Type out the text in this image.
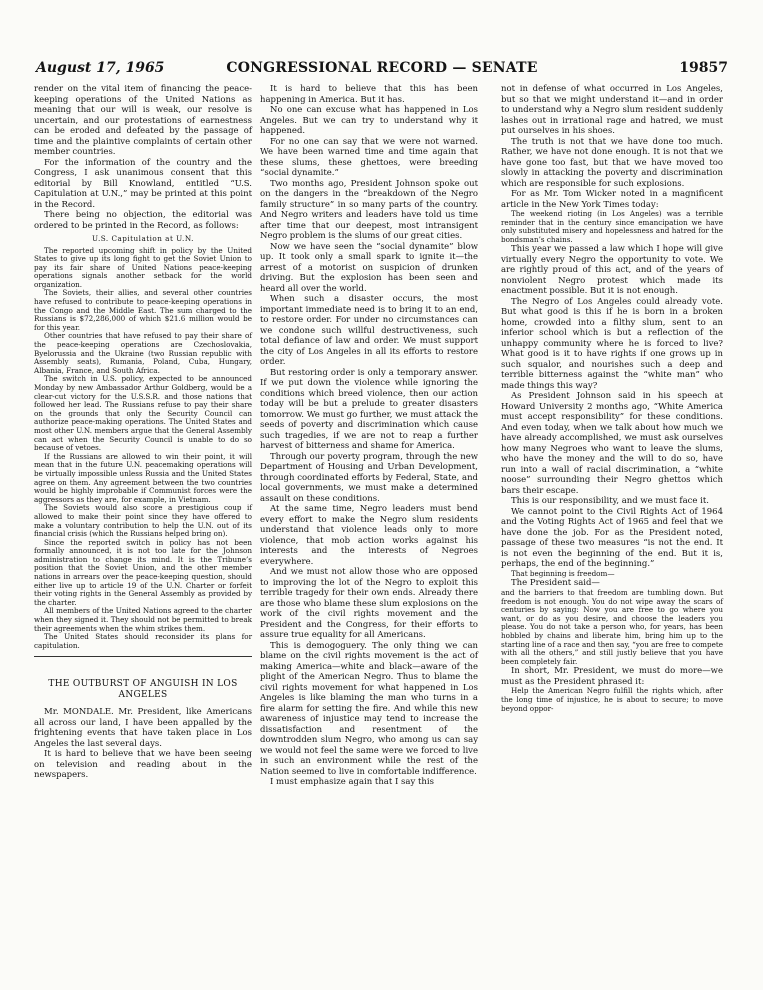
August 17, 1965	CONGRESSIONAL RECORD — SENATE	19857

render on the vital item of financing the peace-keeping operations of the United Nations as meaning that our will is weak, our resolve is uncertain, and our protestations of earnestness can be eroded and defeated by the passage of time and the plaintive complaints of certain other member countries.

For the information of the country and the Congress, I ask unanimous consent that this editorial by Bill Knowland, entitled “U.S. Capitulation at U.N.,” may be printed at this point in the Record.

There being no objection, the editorial was ordered to be printed in the Record, as follows:

U.S. Capitulation at U.N.

The reported upcoming shift in policy by the United States to give up its long fight to get the Soviet Union to pay its fair share of United Nations peace-keeping operations signals another setback for the world organization.

The Soviets, their allies, and several other countries have refused to contribute to peace-keeping operations in the Congo and the Middle East. The sum charged to the Russians is $72,286,000 of which $21.6 million would be for this year.

Other countries that have refused to pay their share of the peace-keeping operations are Czechoslovakia, Byelorussia and the Ukraine (two Russian republic with Assembly seats), Rumania, Poland, Cuba, Hungary, Albania, France, and South Africa.

The switch in U.S. policy, expected to be announced Monday by new Ambassador Arthur Goldberg, would be a clear-cut victory for the U.S.S.R. and those nations that followed her lead. The Russians refuse to pay their share on the grounds that only the Security Council can authorize peace-making operations. The United States and most other U.N. members argue that the General Assembly can act when the Security Council is unable to do so because of vetoes.

If the Russians are allowed to win their point, it will mean that in the future U.N. peacemaking operations will be virtually impossible unless Russia and the United States agree on them. Any agreement between the two countries would be highly improbable if Communist forces were the aggressors as they are, for example, in Vietnam.

The Soviets would also score a prestigious coup if allowed to make their point since they have offered to make a voluntary contribution to help the U.N. out of its financial crisis (which the Russians helped bring on).

Since the reported switch in policy has not been formally announced, it is not too late for the Johnson administration to change its mind. It is the Tribune’s position that the Soviet Union, and the other member nations in arrears over the peace-keeping question, should either live up to article 19 of the U.N. Charter or forfeit their voting rights in the General Assembly as provided by the charter.

All members of the United Nations agreed to the charter when they signed it. They should not be permitted to break their agreements when the whim strikes them.

The United States should reconsider its plans for capitulation.

THE OUTBURST OF ANGUISH IN LOS ANGELES

Mr. MONDALE. Mr. President, like Americans all across our land, I have been appalled by the frightening events that have taken place in Los Angeles the last several days.

It is hard to believe that we have been seeing on television and reading about in the newspapers.

It is hard to believe that this has been happening in America. But it has.

No one can excuse what has happened in Los Angeles. But we can try to understand why it happened.

For no one can say that we were not warned. We have been warned time and time again that these slums, these ghettoes, were breeding “social dynamite.”

Two months ago, President Johnson spoke out on the dangers in the “breakdown of the Negro family structure” in so many parts of the country. And Negro writers and leaders have told us time after time that our deepest, most intransigent Negro problem is the slums of our great cities.

Now we have seen the “social dynamite” blow up. It took only a small spark to ignite it—the arrest of a motorist on suspicion of drunken driving. But the explosion has been seen and heard all over the world.

When such a disaster occurs, the most important immediate need is to bring it to an end, to restore order. For under no circumstances can we condone such willful destructiveness, such total defiance of law and order. We must support the city of Los Angeles in all its efforts to restore order.

But restoring order is only a temporary answer. If we put down the violence while ignoring the conditions which breed violence, then our action today will be but a prelude to greater disasters tomorrow. We must go further, we must attack the seeds of poverty and discrimination which cause such tragedies, if we are not to reap a further harvest of bitterness and shame for America.

Through our poverty program, through the new Department of Housing and Urban Development, through coordinated efforts by Federal, State, and local governments, we must make a determined assault on these conditions.

At the same time, Negro leaders must bend every effort to make the Negro slum residents understand that violence leads only to more violence, that mob action works against his interests and the interests of Negroes everywhere.

And we must not allow those who are opposed to improving the lot of the Negro to exploit this terrible tragedy for their own ends. Already there are those who blame these slum explosions on the work of the civil rights movement and the President and the Congress, for their efforts to assure true equality for all Americans.

This is demogoguery. The only thing we can blame on the civil rights movement is the act of making America—white and black—aware of the plight of the American Negro. Thus to blame the civil rights movement for what happened in Los Angeles is like blaming the man who turns in a fire alarm for setting the fire. And while this new awareness of injustice may tend to increase the dissatisfaction and resentment of the downtrodden slum Negro, who among us can say we would not feel the same were we forced to live in such an environment while the rest of the Nation seemed to live in comfortable indifference.

I must emphasize again that I say this

not in defense of what occurred in Los Angeles, but so that we might understand it—and in order to understand why a Negro slum resident suddenly lashes out in irrational rage and hatred, we must put ourselves in his shoes.

The truth is not that we have done too much. Rather, we have not done enough. It is not that we have gone too fast, but that we have moved too slowly in attacking the poverty and discrimination which are responsible for such explosions.

For as Mr. Tom Wicker noted in a magnificent article in the New York Times today:

The weekend rioting (in Los Angeles) was a terrible reminder that in the century since emancipation we have only substituted misery and hopelessness and hatred for the bondsman’s chains.

This year we passed a law which I hope will give virtually every Negro the opportunity to vote. We are rightly proud of this act, and of the years of nonviolent Negro protest which made its enactment possible. But it is not enough.

The Negro of Los Angeles could already vote. But what good is this if he is born in a broken home, crowded into a filthy slum, sent to an inferior school which is but a reflection of the unhappy community where he is forced to live? What good is it to have rights if one grows up in such squalor, and nourishes such a deep and terrible bitterness against the “white man” who made things this way?

As President Johnson said in his speech at Howard University 2 months ago, “White America must accept responsibility” for these conditions. And even today, when we talk about how much we have already accomplished, we must ask ourselves how many Negroes who want to leave the slums, who have the money and the will to do so, have run into a wall of racial discrimination, a “white noose” surrounding their Negro ghettos which bars their escape.

This is our responsibility, and we must face it.

We cannot point to the Civil Rights Act of 1964 and the Voting Rights Act of 1965 and feel that we have done the job. For as the President noted, passage of these two measures “is not the end. It is not even the beginning of the end. But it is, perhaps, the end of the beginning.”

That beginning is freedom—

The President said—

and the barriers to that freedom are tumbling down. But freedom is not enough. You do not wipe away the scars of centuries by saying: Now you are free to go where you want, or do as you desire, and choose the leaders you please. You do not take a person who, for years, has been hobbled by chains and liberate him, bring him up to the starting line of a race and then say, “you are free to compete with all the others,” and still justly believe that you have been completely fair.

In short, Mr. President, we must do more—we must as the President phrased it:

Help the American Negro fulfill the rights which, after the long time of injustice, he is about to secure; to move beyond oppor-
